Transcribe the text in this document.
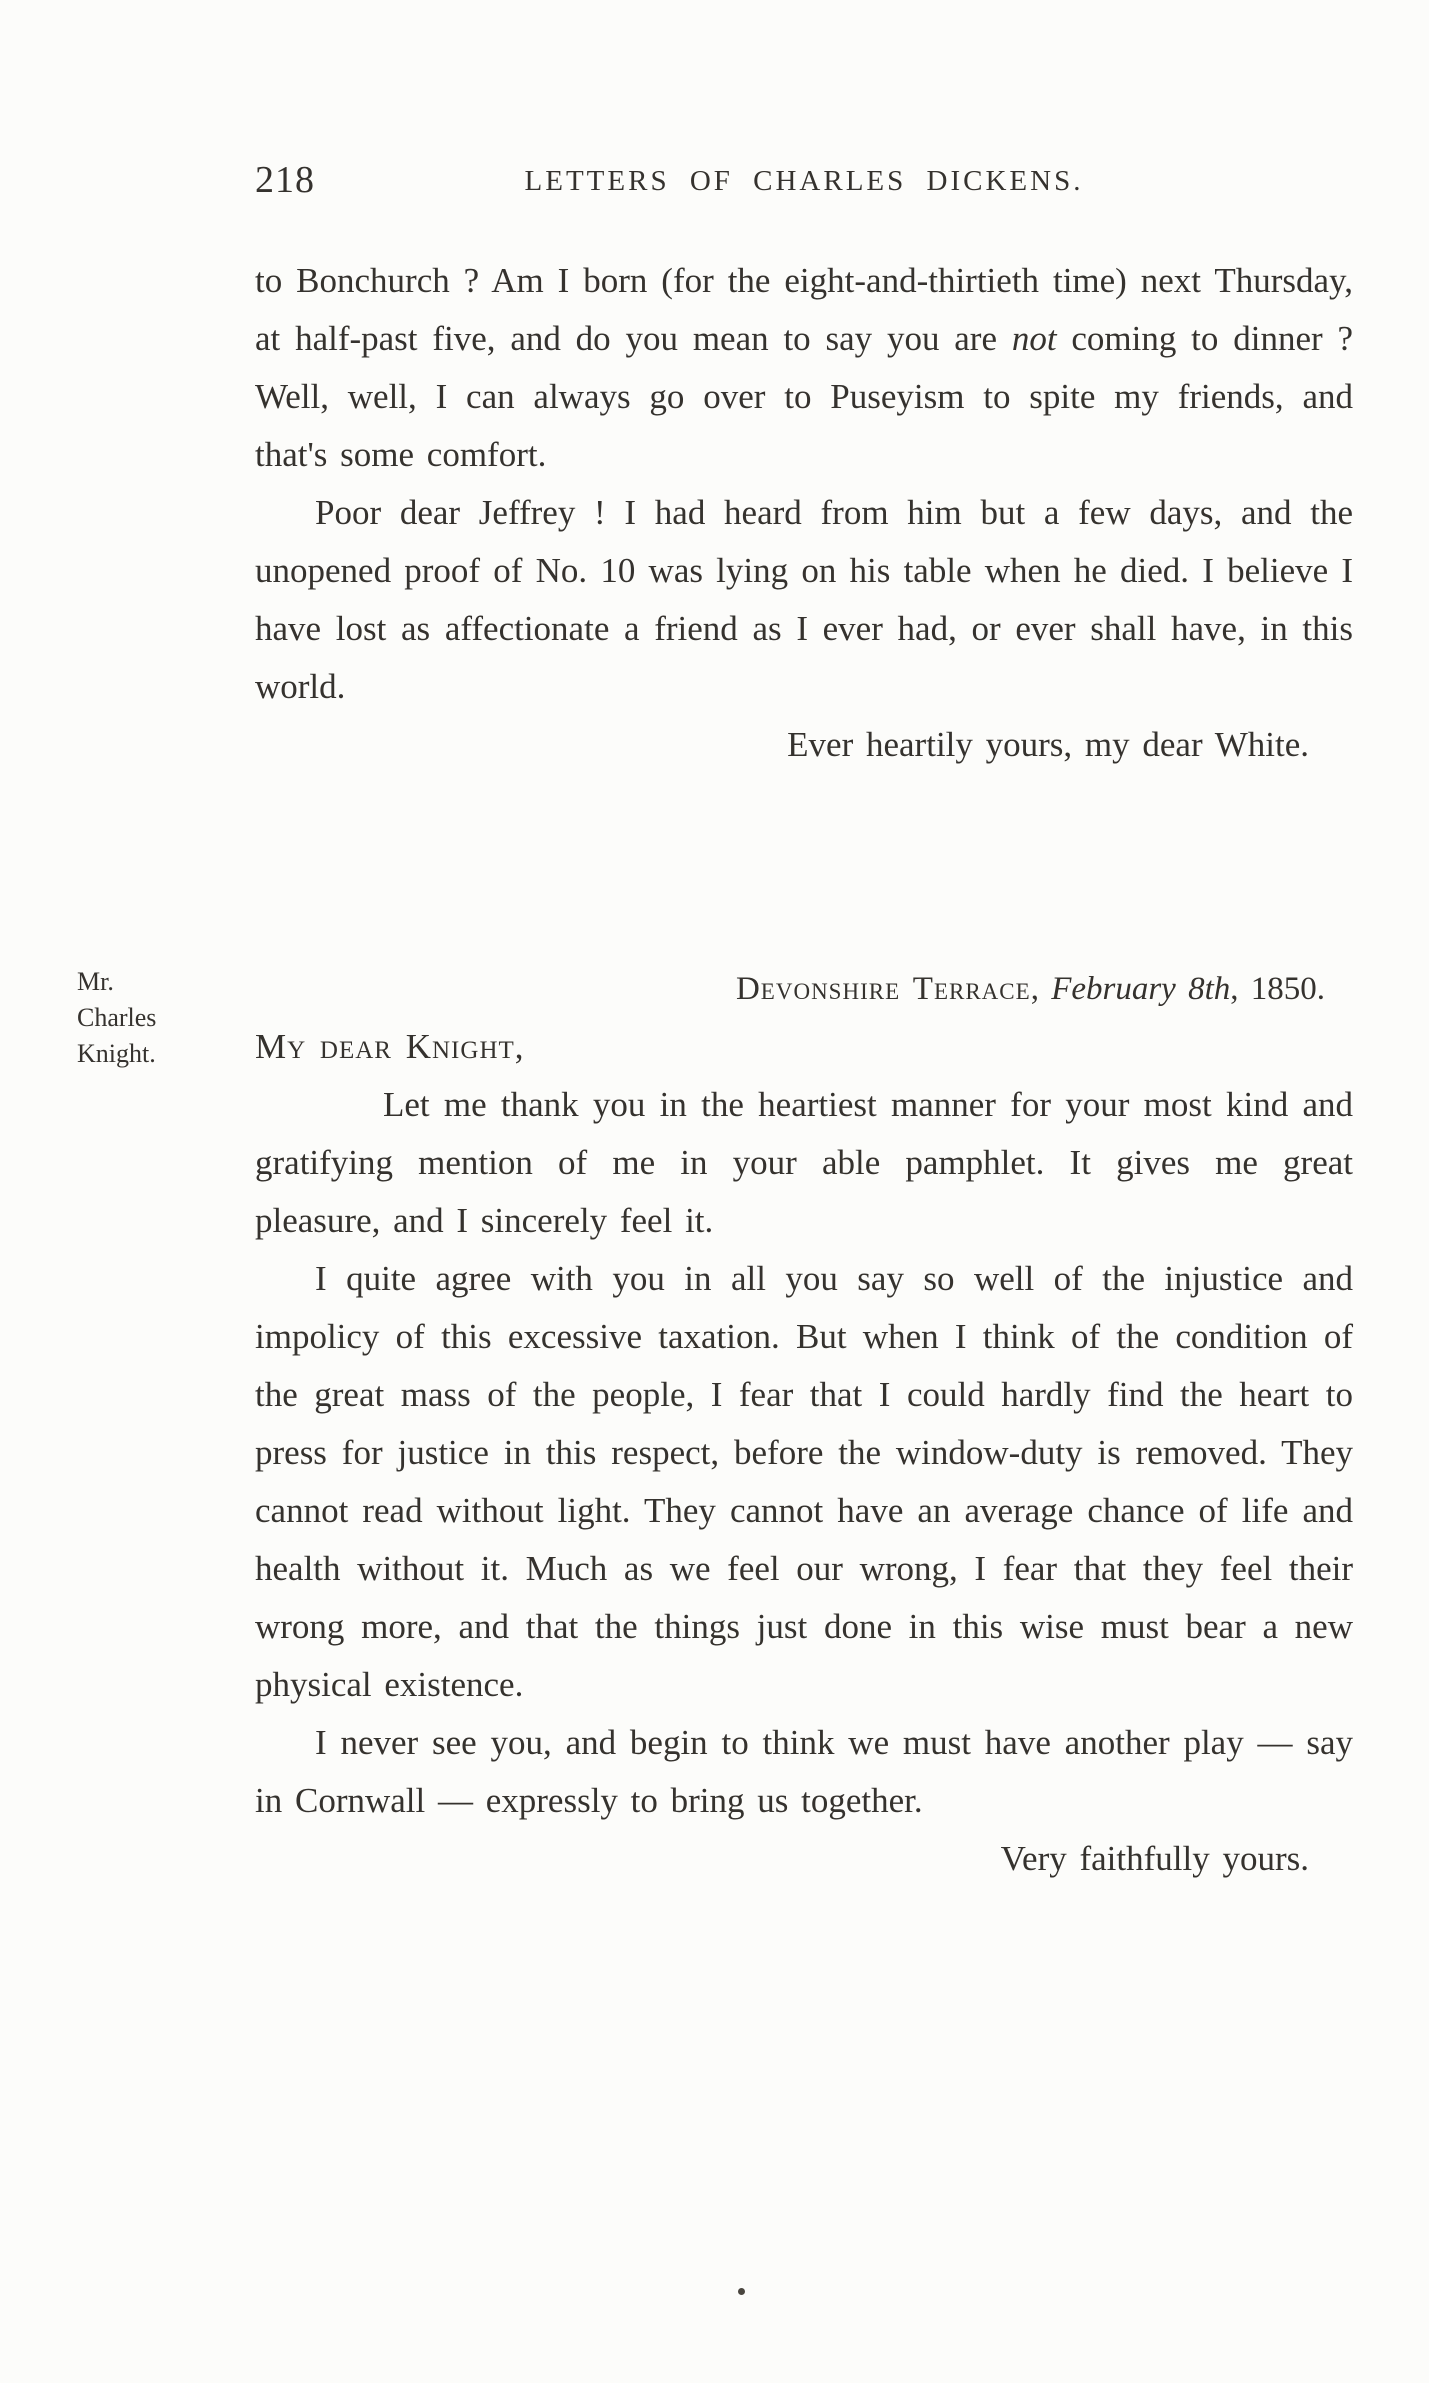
218	LETTERS OF CHARLES DICKENS.

to Bonchurch ? Am I born (for the eight-and-thirtieth time) next Thursday, at half-past five, and do you mean to say you are not coming to dinner ? Well, well, I can always go over to Puseyism to spite my friends, and that's some comfort.

Poor dear Jeffrey ! I had heard from him but a few days, and the unopened proof of No. 10 was lying on his table when he died. I believe I have lost as affectionate a friend as I ever had, or ever shall have, in this world.

Ever heartily yours, my dear White.

Mr.
Charles
Knight.

Devonshire Terrace, February 8th, 1850.

My dear Knight,

Let me thank you in the heartiest manner for your most kind and gratifying mention of me in your able pamphlet. It gives me great pleasure, and I sincerely feel it.

I quite agree with you in all you say so well of the injustice and impolicy of this excessive taxation. But when I think of the condition of the great mass of the people, I fear that I could hardly find the heart to press for justice in this respect, before the window-duty is removed. They cannot read without light. They cannot have an average chance of life and health without it. Much as we feel our wrong, I fear that they feel their wrong more, and that the things just done in this wise must bear a new physical existence.

I never see you, and begin to think we must have another play — say in Cornwall — expressly to bring us together.

Very faithfully yours.
